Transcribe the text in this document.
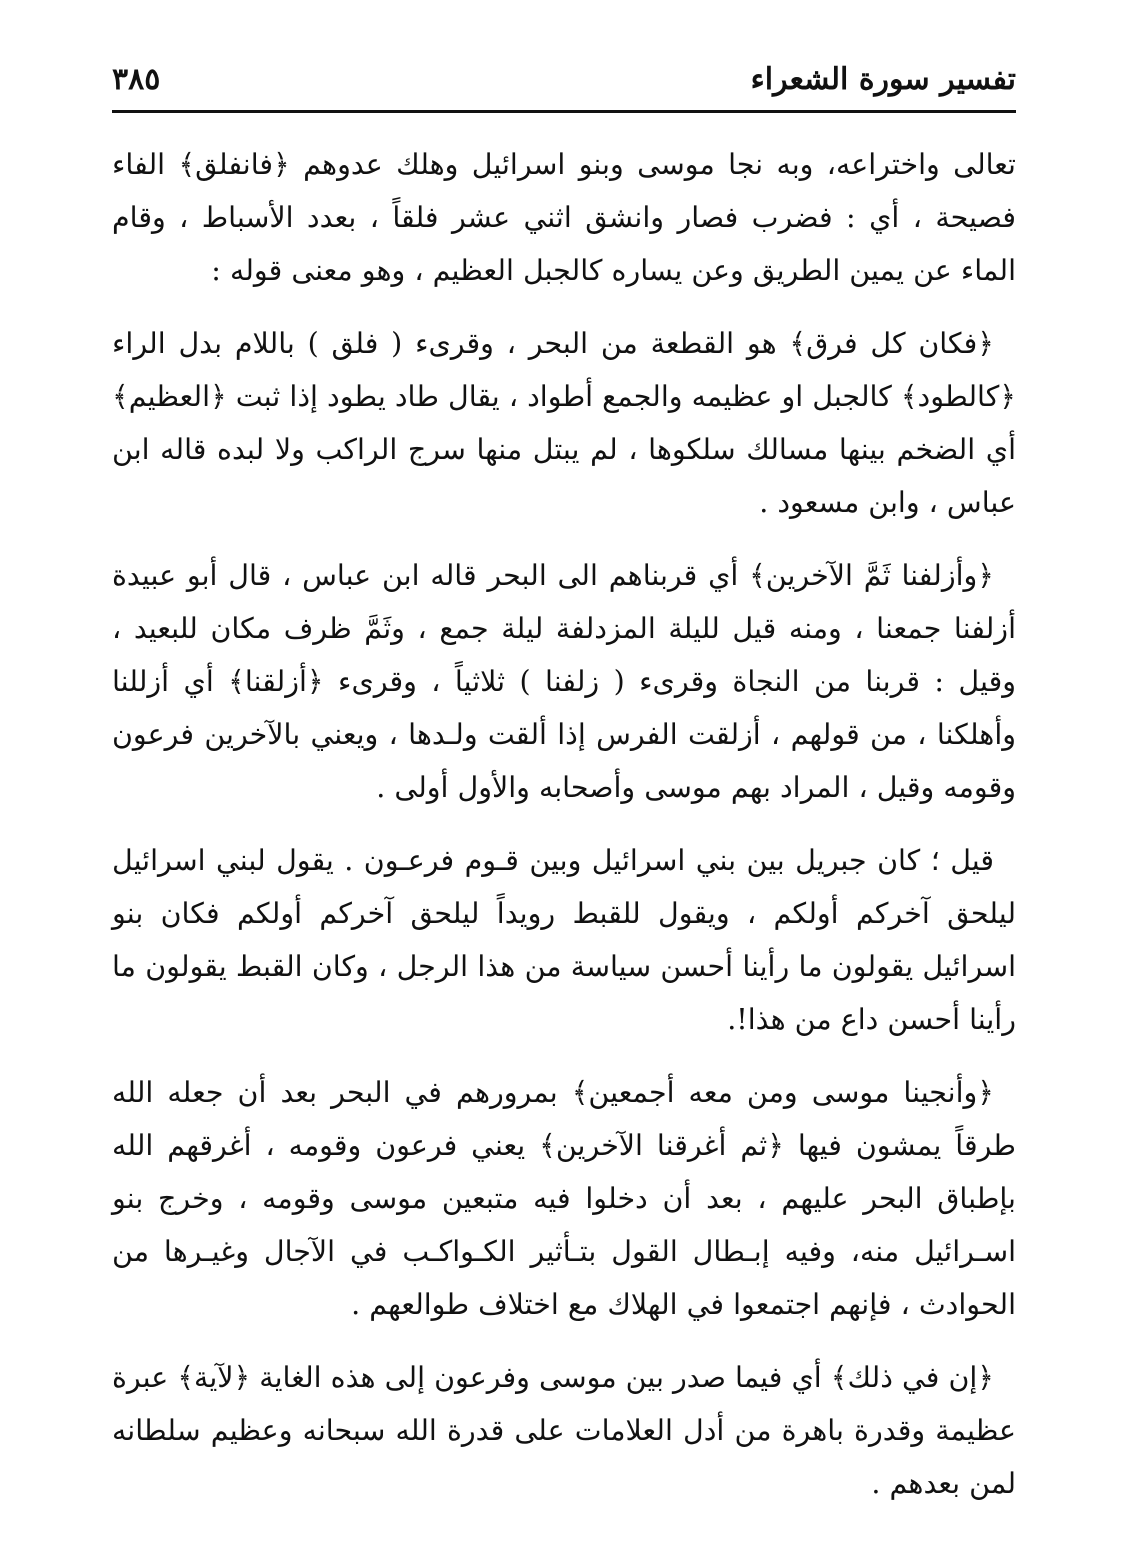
تفسير سورة الشعراء
٣٨٥

تعالى واختراعه، وبه نجا موسى وبنو اسرائيل وهلك عدوهم ﴿فانفلق﴾ الفاء فصيحة ، أي : فضرب فصار وانشق اثني عشر فلقاً ، بعدد الأسباط ، وقام الماء عن يمين الطريق وعن يساره كالجبل العظيم ، وهو معنى قوله :

﴿فكان كل فرق﴾ هو القطعة من البحر ، وقرىء ( فلق ) باللام بدل الراء ﴿كالطود﴾ كالجبل او عظيمه والجمع أطواد ، يقال طاد يطود إذا ثبت ﴿العظيم﴾ أي الضخم بينها مسالك سلكوها ، لم يبتل منها سرج الراكب ولا لبده قاله ابن عباس ، وابن مسعود .

﴿وأزلفنا ثَمَّ الآخرين﴾ أي قربناهم الى البحر قاله ابن عباس ، قال أبو عبيدة أزلفنا جمعنا ، ومنه قيل لليلة المزدلفة ليلة جمع ، وثَمَّ ظرف مكان للبعيد ، وقيل : قربنا من النجاة وقرىء ( زلفنا ) ثلاثياً ، وقرىء ﴿أزلقنا﴾ أي أزللنا وأهلكنا ، من قولهم ، أزلقت الفرس إذا ألقت ولـدها ، ويعني بالآخرين فرعون وقومه وقيل ، المراد بهم موسى وأصحابه والأول أولى .

قيل ؛ كان جبريل بين بني اسرائيل وبين قـوم فرعـون . يقول لبني اسرائيل ليلحق آخركم أولكم ، ويقول للقبط رويداً ليلحق آخركم أولكم فكان بنو اسرائيل يقولون ما رأينا أحسن سياسة من هذا الرجل ، وكان القبط يقولون ما رأينا أحسن داع من هذا!.

﴿وأنجينا موسى ومن معه أجمعين﴾ بمرورهم في البحر بعد أن جعله الله طرقاً يمشون فيها ﴿ثم أغرقنا الآخرين﴾ يعني فرعون وقومه ، أغرقهم الله بإطباق البحر عليهم ، بعد أن دخلوا فيه متبعين موسى وقومه ، وخرج بنو اسـرائيل منه، وفيه إبـطال القول بتـأثير الكـواكـب في الآجال وغيـرها من الحوادث ، فإنهم اجتمعوا في الهلاك مع اختلاف طوالعهم .

﴿إن في ذلك﴾ أي فيما صدر بين موسى وفرعون إلى هذه الغاية ﴿لآية﴾ عبرة عظيمة وقدرة باهرة من أدل العلامات على قدرة الله سبحانه وعظيم سلطانه لمن بعدهم .
